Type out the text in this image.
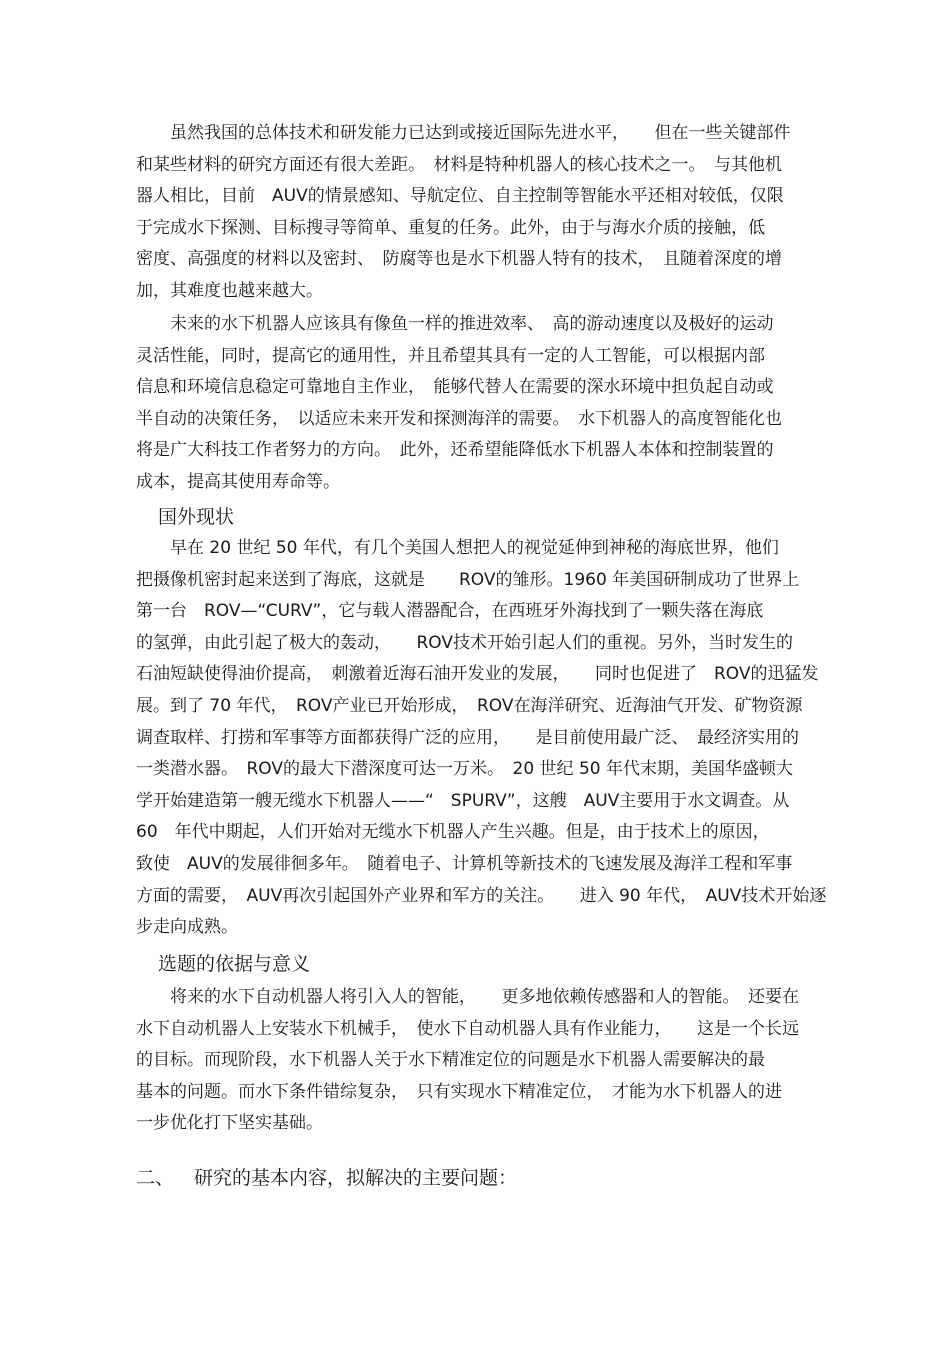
虽然我国的总体技术和研发能力已达到或接近国际先进水平，　　但在一些关键部件
和某些材料的研究方面还有很大差距。　材料是特种机器人的核心技术之一。　与其他机
器人相比，目前　AUV的情景感知、导航定位、自主控制等智能水平还相对较低，仅限
于完成水下探测、目标搜寻等简单、重复的任务。此外，由于与海水介质的接触，低
密度、高强度的材料以及密封、　防腐等也是水下机器人特有的技术，　且随着深度的增
加，其难度也越来越大。
未来的水下机器人应该具有像鱼一样的推进效率、　高的游动速度以及极好的运动
灵活性能，同时，提高它的通用性，并且希望其具有一定的人工智能，可以根据内部
信息和环境信息稳定可靠地自主作业，　能够代替人在需要的深水环境中担负起自动或
半自动的决策任务，　以适应未来开发和探测海洋的需要。　水下机器人的高度智能化也
将是广大科技工作者努力的方向。　此外，还希望能降低水下机器人本体和控制装置的
成本，提高其使用寿命等。
国外现状
早在 20 世纪 50 年代，有几个美国人想把人的视觉延伸到神秘的海底世界，他们
把摄像机密封起来送到了海底，这就是　　ROV的雏形。1960 年美国研制成功了世界上
第一台　ROV—“CURV”，它与载人潜器配合，在西班牙外海找到了一颗失落在海底
的氢弹，由此引起了极大的轰动，　　ROV技术开始引起人们的重视。另外，当时发生的
石油短缺使得油价提高，　刺激着近海石油开发业的发展，　　同时也促进了　ROV的迅猛发
展。到了 70 年代，　ROV产业已开始形成，　ROV在海洋研究、近海油气开发、矿物资源
调查取样、打捞和军事等方面都获得广泛的应用，　　是目前使用最广泛、　最经济实用的
一类潜水器。　ROV的最大下潜深度可达一万米。　20 世纪 50 年代末期，美国华盛顿大
学开始建造第一艘无缆水下机器人——“　SPURV”，这艘　AUV主要用于水文调查。从
60　年代中期起，人们开始对无缆水下机器人产生兴趣。但是，由于技术上的原因，
致使　AUV的发展徘徊多年。　随着电子、计算机等新技术的飞速发展及海洋工程和军事
方面的需要，　AUV再次引起国外产业界和军方的关注。　　进入 90 年代，　AUV技术开始逐
步走向成熟。
选题的依据与意义
将来的水下自动机器人将引入人的智能，　　更多地依赖传感器和人的智能。　还要在
水下自动机器人上安装水下机械手，　使水下自动机器人具有作业能力，　　这是一个长远
的目标。而现阶段，水下机器人关于水下精准定位的问题是水下机器人需要解决的最
基本的问题。而水下条件错综复杂，　只有实现水下精准定位，　才能为水下机器人的进
一步优化打下坚实基础。
二、 研究的基本内容，拟解决的主要问题：
